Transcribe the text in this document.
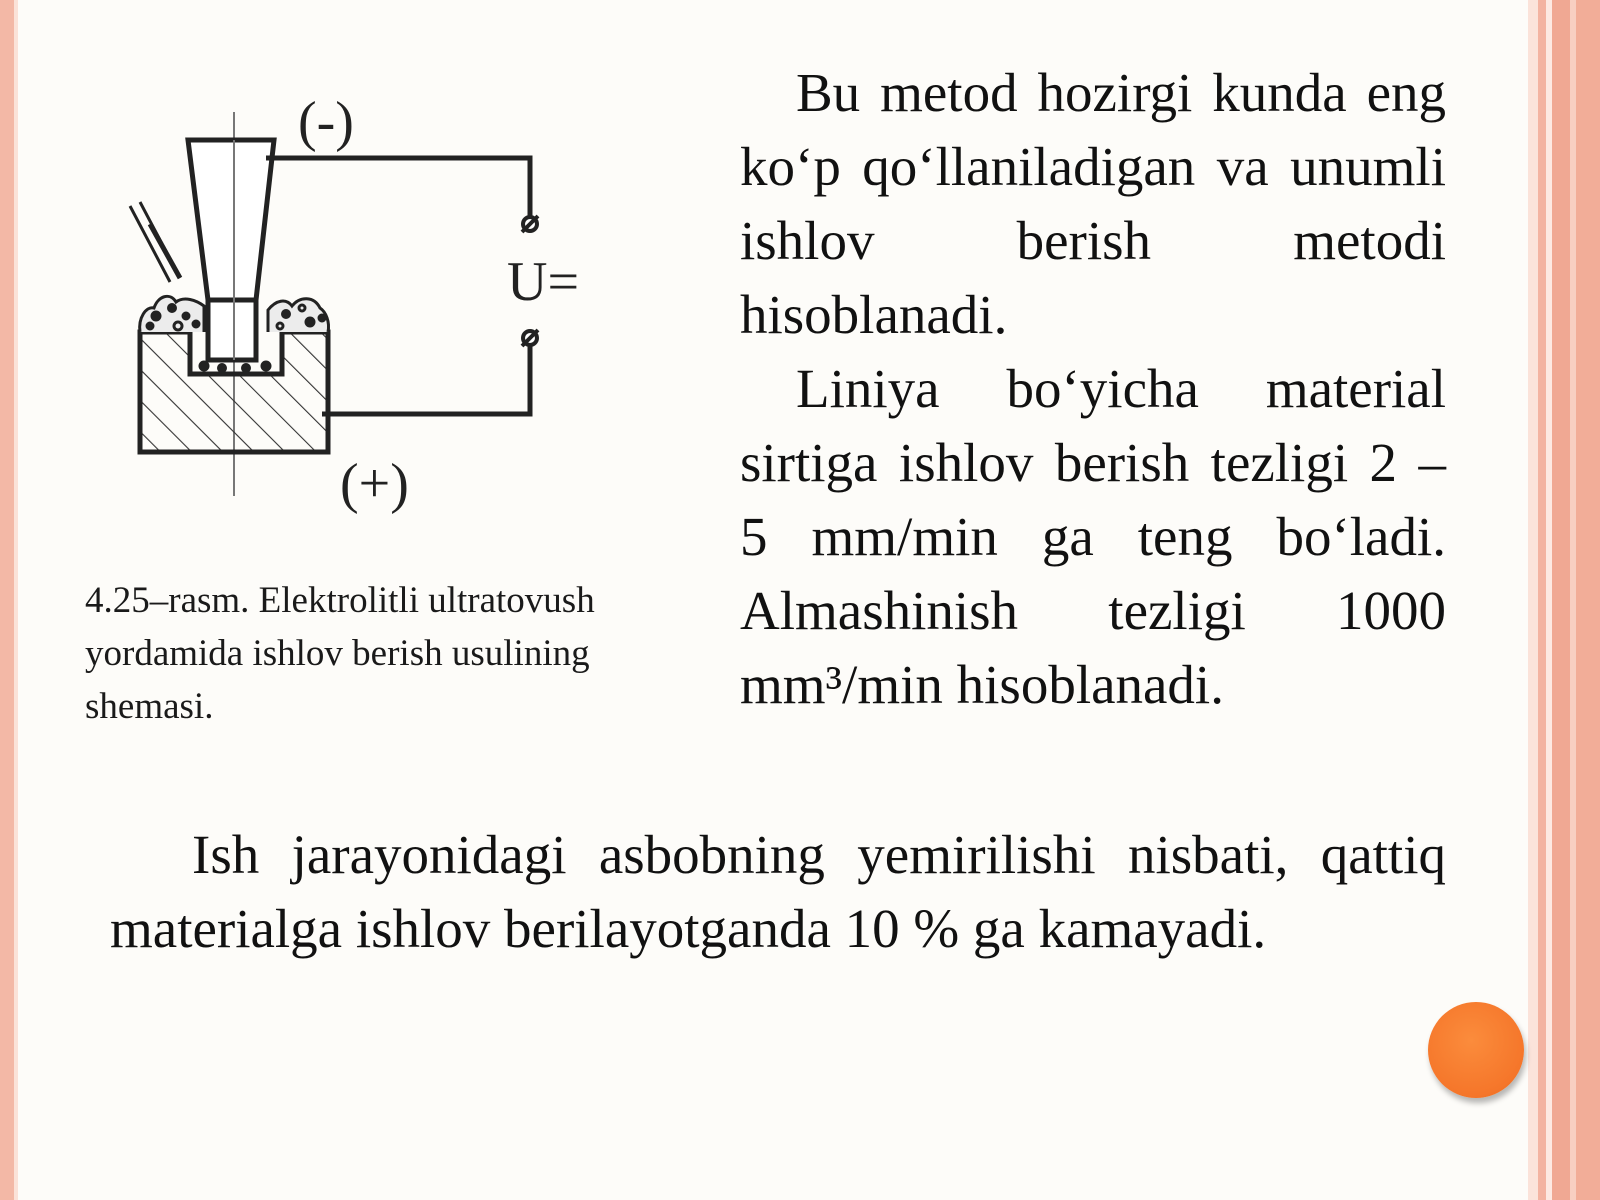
(-)
(+)
U=

4.25–rasm. Elektrolitli ultratovush yordamida ishlov berish usulining shemasi.

Bu metod hozirgi kunda eng ko‘p qo‘llaniladigan va unumli ishlov berish metodi hisoblanadi.

Liniya bo‘yicha material sirtiga ishlov berish tezligi 2 – 5 mm/min ga teng bo‘ladi. Almashinish tezligi 1000 mm³/min hisoblanadi.

Ish jarayonidagi asbobning yemirilishi nisbati, qattiq materialga ishlov berilayotganda 10 % ga kamayadi.
